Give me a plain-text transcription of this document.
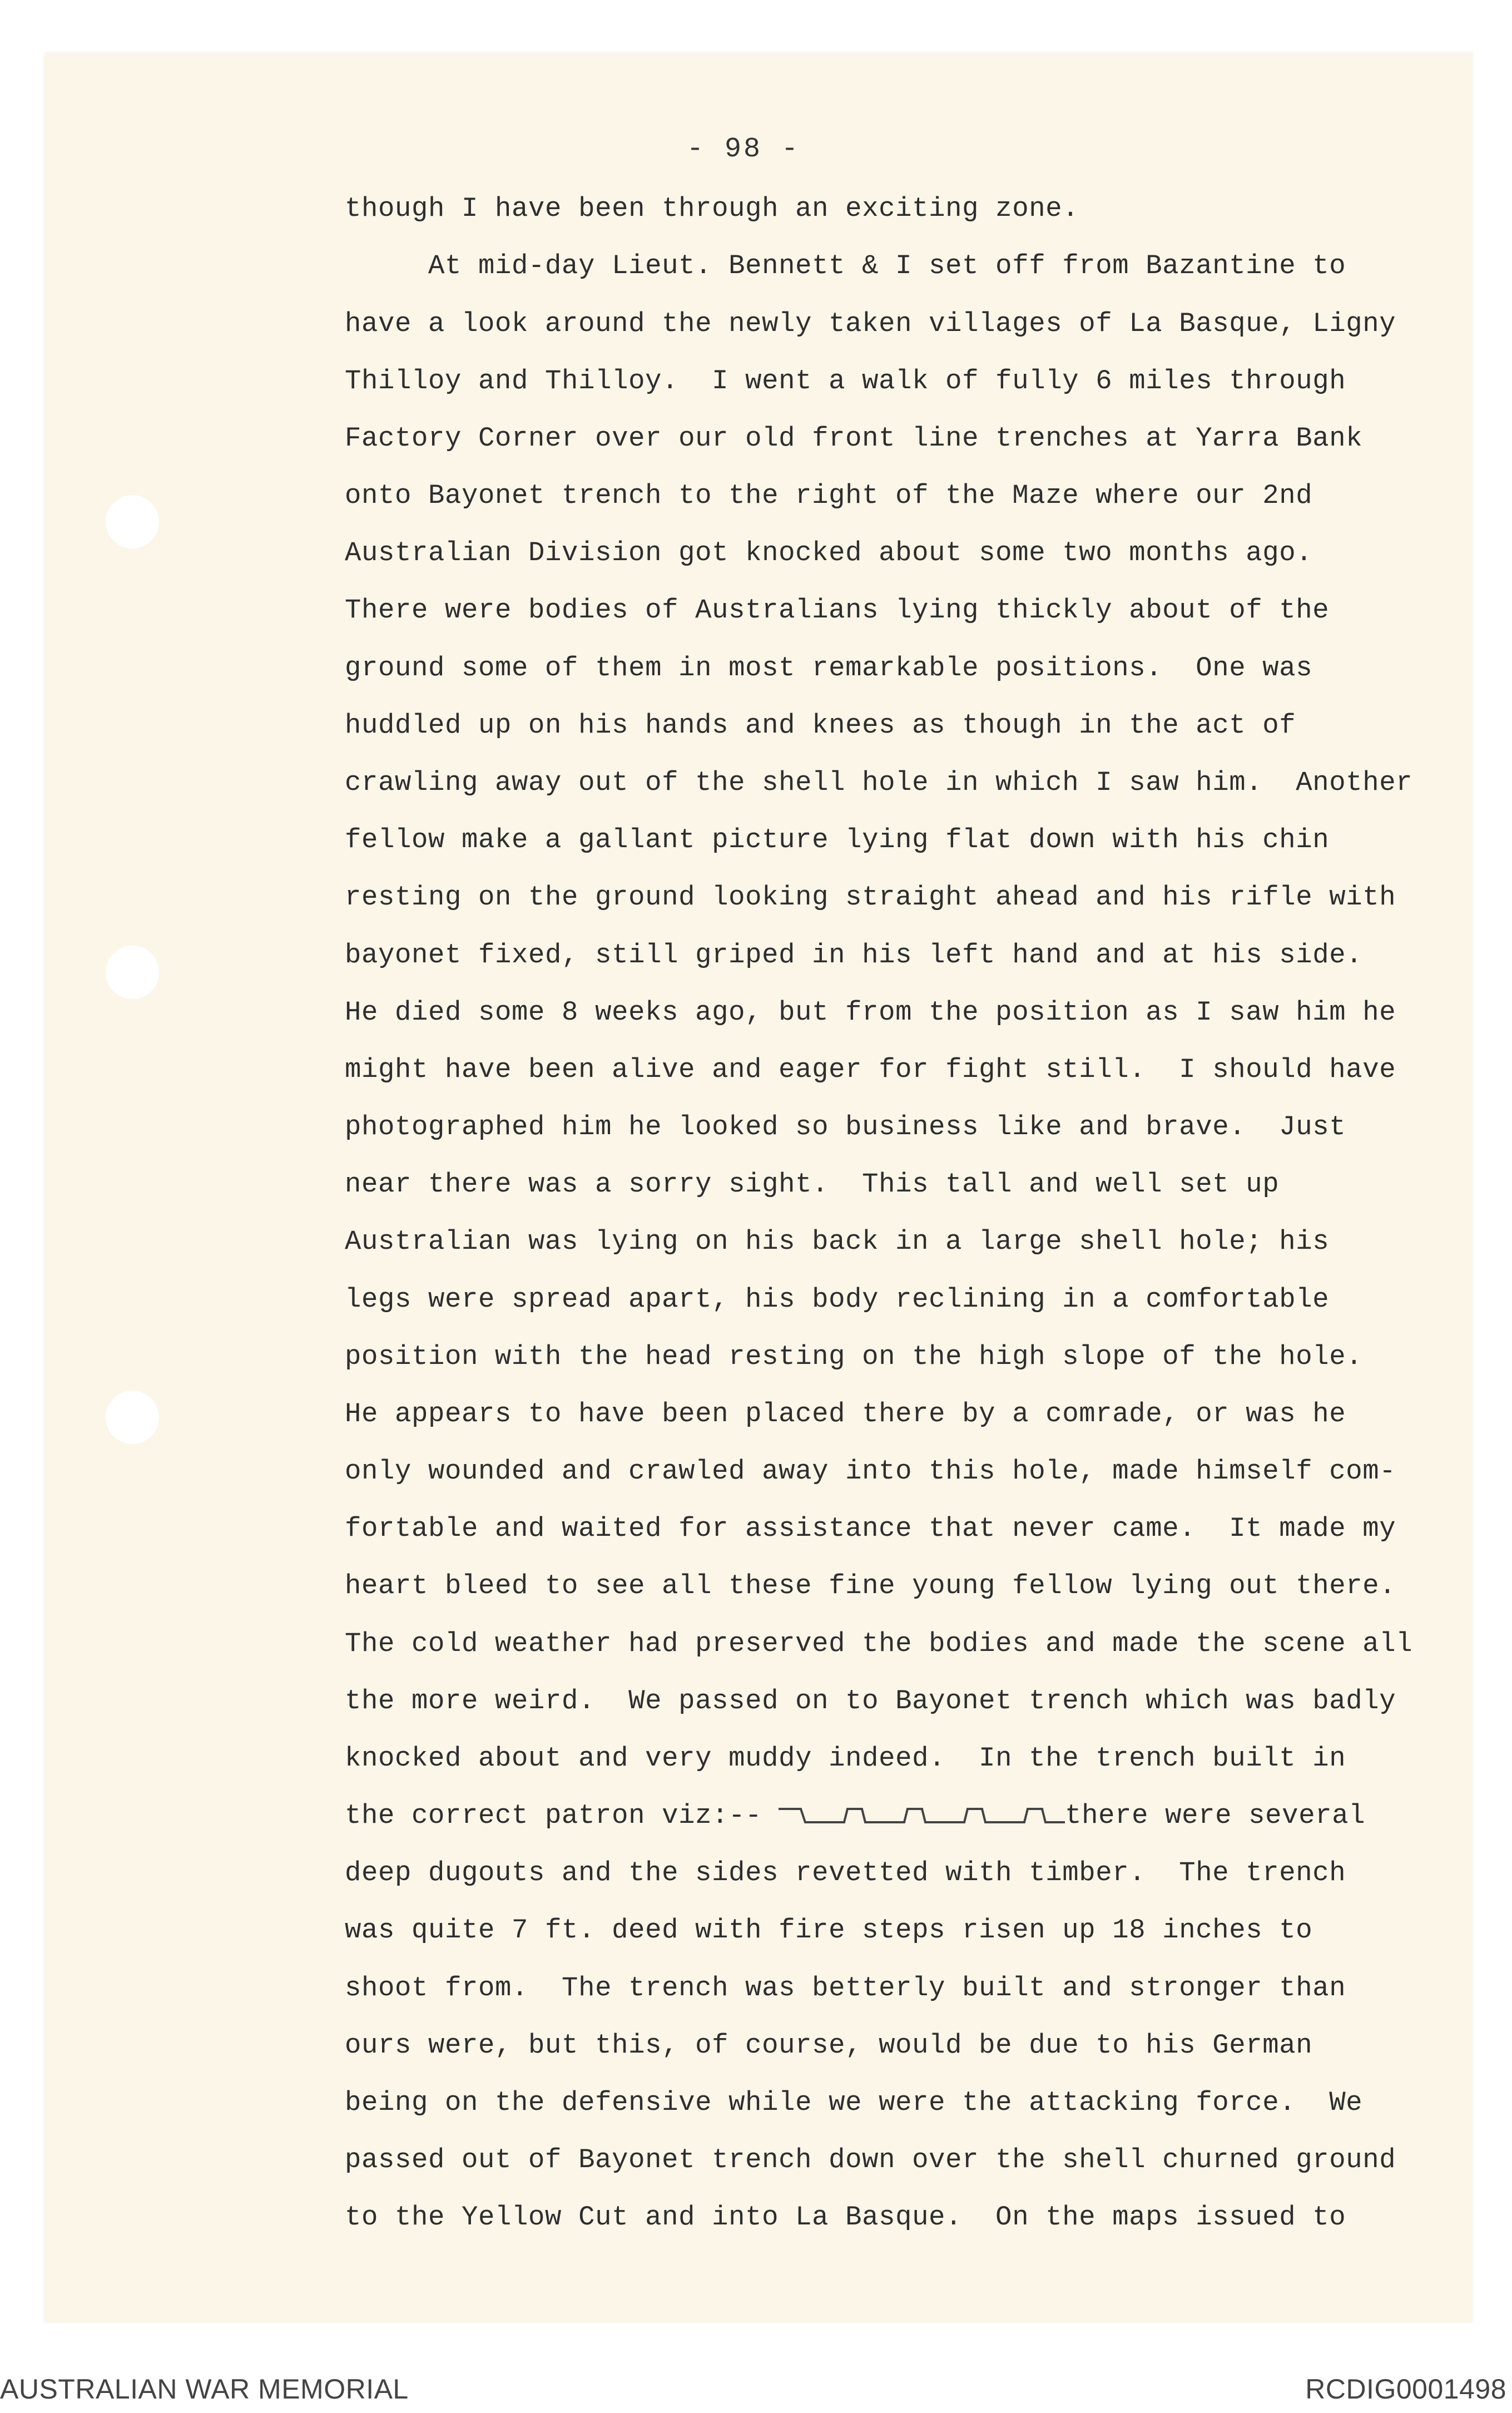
- 98 -
though I have been through an exciting zone.
At mid-day Lieut. Bennett & I set off from Bazantine to
have a look around the newly taken villages of La Basque, Ligny
Thilloy and Thilloy.  I went a walk of fully 6 miles through
Factory Corner over our old front line trenches at Yarra Bank
onto Bayonet trench to the right of the Maze where our 2nd
Australian Division got knocked about some two months ago.
There were bodies of Australians lying thickly about of the
ground some of them in most remarkable positions.  One was
huddled up on his hands and knees as though in the act of
crawling away out of the shell hole in which I saw him.  Another
fellow make a gallant picture lying flat down with his chin
resting on the ground looking straight ahead and his rifle with
bayonet fixed, still griped in his left hand and at his side.
He died some 8 weeks ago, but from the position as I saw him he
might have been alive and eager for fight still.  I should have
photographed him he looked so business like and brave.  Just
near there was a sorry sight.  This tall and well set up
Australian was lying on his back in a large shell hole; his
legs were spread apart, his body reclining in a comfortable
position with the head resting on the high slope of the hole.
He appears to have been placed there by a comrade, or was he
only wounded and crawled away into this hole, made himself com-
fortable and waited for assistance that never came.  It made my
heart bleed to see all these fine young fellow lying out there.
The cold weather had preserved the bodies and made the scene all
the more weird.  We passed on to Bayonet trench which was badly
knocked about and very muddy indeed.  In the trench built in
the correct patron viz:--	there were several
deep dugouts and the sides revetted with timber.  The trench
was quite 7 ft. deed with fire steps risen up 18 inches to
shoot from.  The trench was betterly built and stronger than
ours were, but this, of course, would be due to his German
being on the defensive while we were the attacking force.  We
passed out of Bayonet trench down over the shell churned ground
to the Yellow Cut and into La Basque.  On the maps issued to
AUSTRALIAN WAR MEMORIAL	RCDIG0001498
